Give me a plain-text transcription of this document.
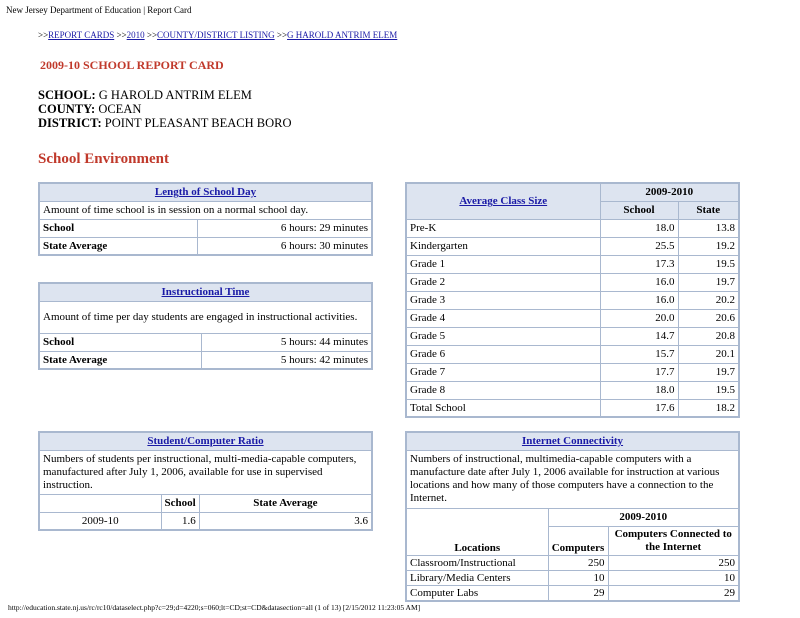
New Jersey Department of Education | Report Card
>>REPORT CARDS >>2010 >>COUNTY/DISTRICT LISTING >>G HAROLD ANTRIM ELEM
2009-10 SCHOOL REPORT CARD
SCHOOL: G HAROLD ANTRIM ELEM
COUNTY: OCEAN
DISTRICT: POINT PLEASANT BEACH BORO
School Environment
Length of School Day	
Amount of time school is in session on a normal school day.	
School	6 hours: 29 minutes
State Average	6 hours: 30 minutes
Instructional Time	
Amount of time per day students are engaged in instructional activities.	
School	5 hours: 44 minutes
State Average	5 hours: 42 minutes
Student/Computer Ratio		
Numbers of students per instructional, multi-media-capable computers, manufactured after July 1, 2006, available for use in supervised instruction.		
	School	State Average
2009-10	1.6	3.6
Average Class Size	2009-2010	
	School	State
Pre-K	18.0	13.8
Kindergarten	25.5	19.2
Grade 1	17.3	19.5
Grade 2	16.0	19.7
Grade 3	16.0	20.2
Grade 4	20.0	20.6
Grade 5	14.7	20.8
Grade 6	15.7	20.1
Grade 7	17.7	19.7
Grade 8	18.0	19.5
Total School	17.6	18.2
Internet Connectivity		
Numbers of instructional, multimedia-capable computers with a manufacture date after July 1, 2006 available for instruction at various locations and how many of those computers have a connection to the Internet.		
Locations	2009-2010	
	Computers	Computers Connected to the Internet
Classroom/Instructional	250	250
Library/Media Centers	10	10
Computer Labs	29	29
http://education.state.nj.us/rc/rc10/dataselect.php?c=29;d=4220;s=060;lt=CD;st=CD&datasection=all (1 of 13) [2/15/2012 11:23:05 AM]
